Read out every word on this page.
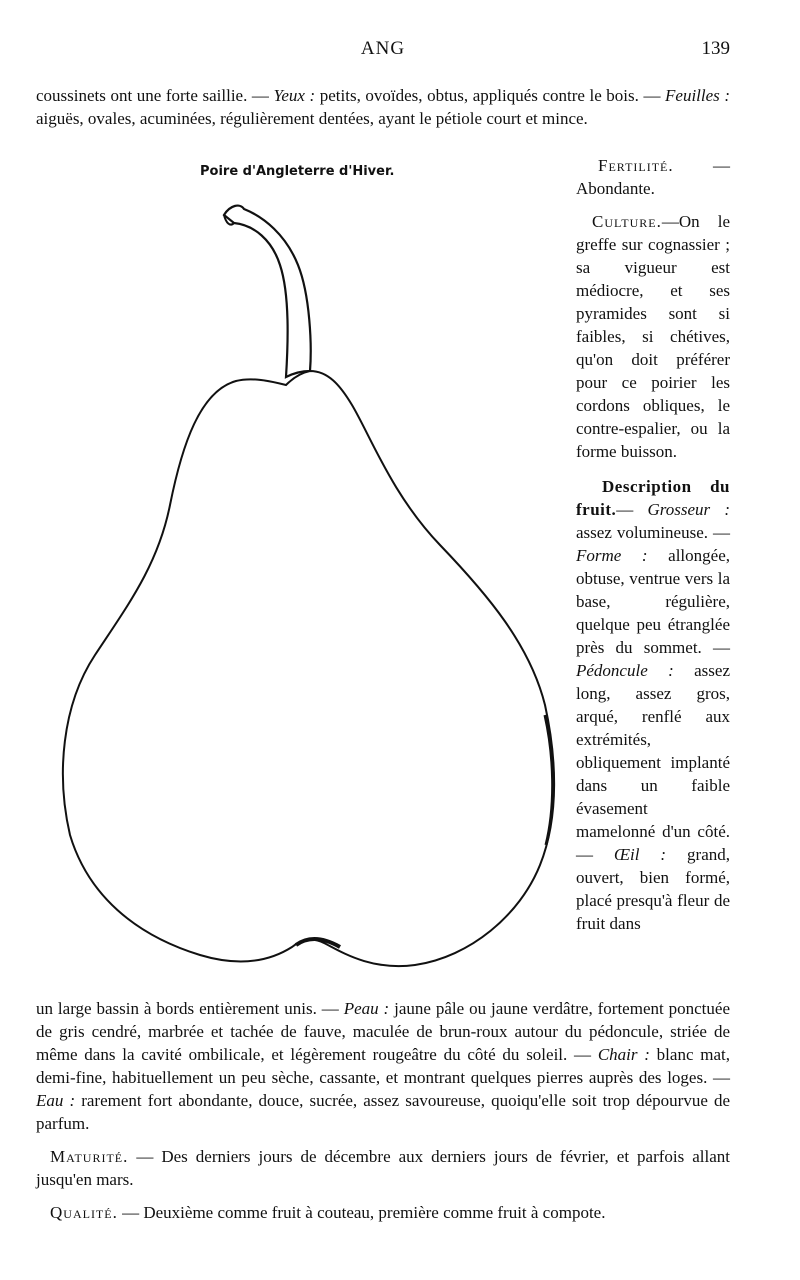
ANG	139

coussinets ont une forte saillie. — Yeux : petits, ovoïdes, obtus, appliqués contre le bois. — Feuilles : aiguës, ovales, acuminées, régulièrement dentées, ayant le pétiole court et mince.

Poire d'Angleterre d'Hiver.	Fertilité. — Abondante.

Culture.—On le greffe sur cognassier ; sa vigueur est médiocre, et ses pyramides sont si faibles, si chétives, qu'on doit préférer pour ce poirier les cordons obliques, le contre-espalier, ou la forme buisson.

Description du fruit.— Grosseur : assez volumineuse. — Forme : allongée, obtuse, ventrue vers la base, régulière, quelque peu étranglée près du sommet. — Pédoncule : assez long, assez gros, arqué, renflé aux extrémités, obliquement implanté dans un faible évasement mamelonné d'un côté. — Œil : grand, ouvert, bien formé, placé presqu'à fleur de fruit dans

un large bassin à bords entièrement unis. — Peau : jaune pâle ou jaune verdâtre, fortement ponctuée de gris cendré, marbrée et tachée de fauve, maculée de brun-roux autour du pédoncule, striée de même dans la cavité ombilicale, et légèrement rougeâtre du côté du soleil. — Chair : blanc mat, demi-fine, habituellement un peu sèche, cassante, et montrant quelques pierres auprès des loges. — Eau : rarement fort abondante, douce, sucrée, assez savoureuse, quoiqu'elle soit trop dépourvue de parfum.

Maturité. — Des derniers jours de décembre aux derniers jours de février, et parfois allant jusqu'en mars.

Qualité. — Deuxième comme fruit à couteau, première comme fruit à compote.
